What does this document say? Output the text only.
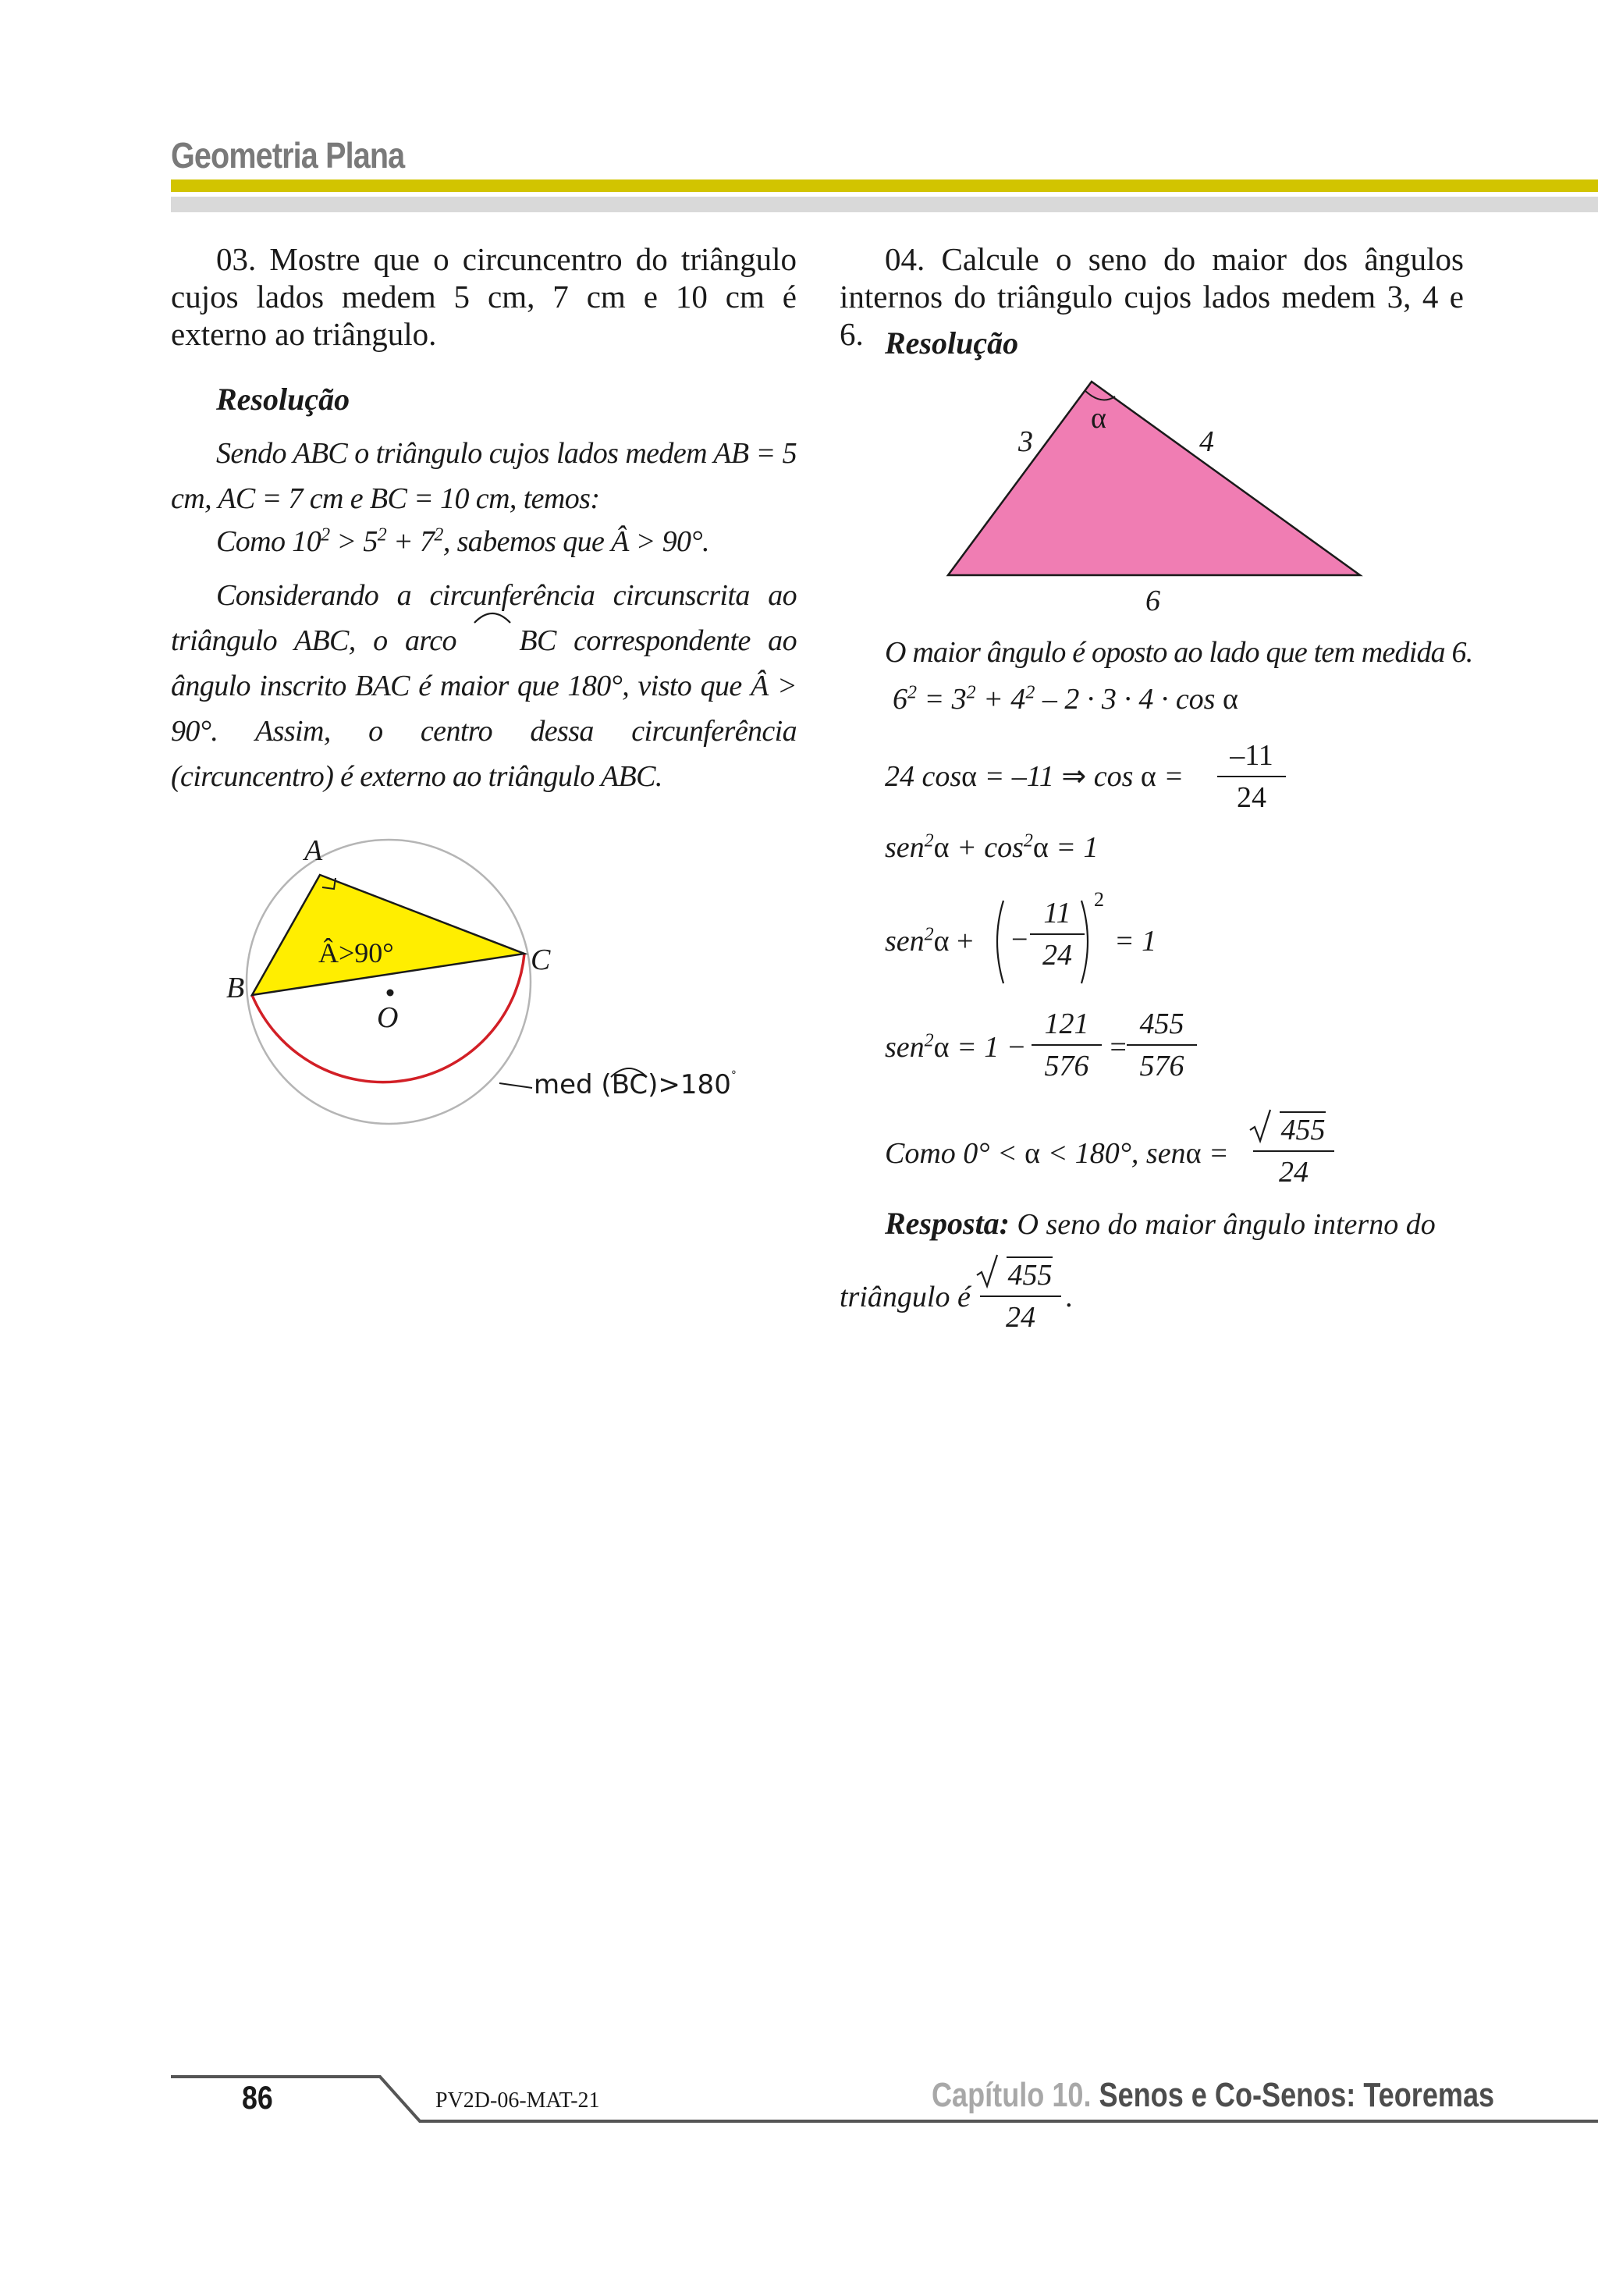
Geometria Plana
03. Mostre que o circuncentro do triângulo cujos lados medem 5 cm, 7 cm e 10 cm é externo ao triângulo.
Resolução
Sendo ABC o triângulo cujos lados medem AB = 5 cm, AC = 7 cm e BC = 10 cm, temos:
Como $10^2 > 5^2 + 7^2$, sabemos que Â > 90°.
Considerando a circunferência circunscrita ao triângulo ABC, o arco
BC correspondente ao ângulo inscrito BAC é maior que 180°, visto que Â > 90°. Assim, o centro dessa circunferência (circuncentro) é externo ao triângulo ABC.
A
B
C
O
Â>90°
med (
BC)>180°
04. Calcule o seno do maior dos ângulos internos do triângulo cujos lados medem 3, 4 e 6. Resolução
α
3	4
6
O maior ângulo é oposto ao lado que tem medida 6.
$6^2 = 3^2 + 4^2 - 2 \cdot 3 \cdot 4 \cdot \cos \alpha$
24 cosα = –11 ⇒ cos α =
–11
24
$sen^2\alpha + \cos^2\alpha = 1$
sen$^2$α + −
11
24
2
= 1
sen$^2$α = 1 −
121
576
=
455
576
Como 0° < α < 180°, senα =
455
24
Resposta: O seno do maior ângulo interno do
triângulo é
455
24
.
86	PV2D-06-MAT-21	Capítulo 10. Senos e Co-Senos: Teoremas
